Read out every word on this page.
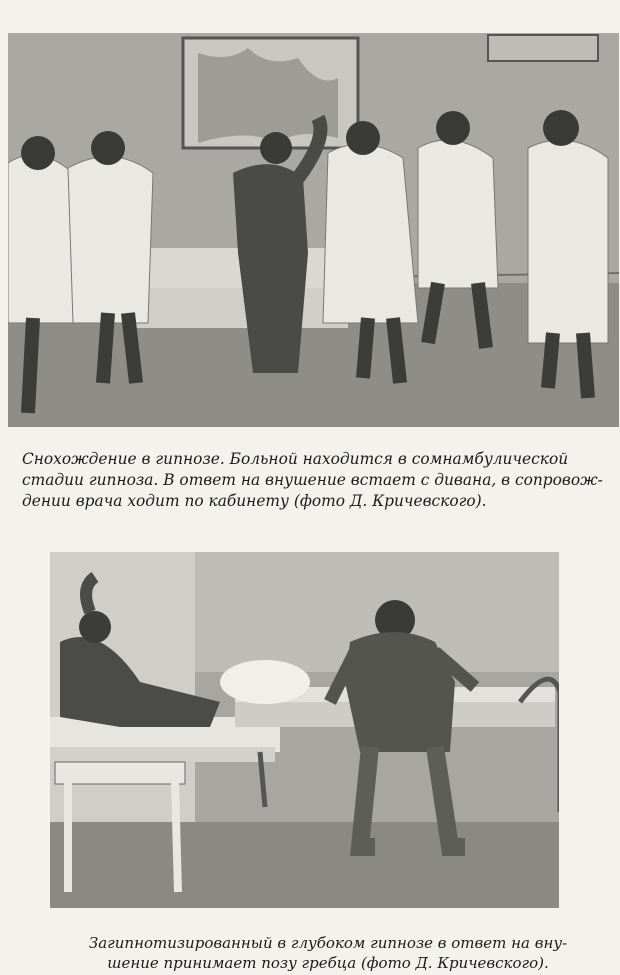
Снохождение в гипнозе. Больной находится в сомнамбулической
стадии гипноза. В ответ на внушение встает с дивана, в сопровож-
дении врача ходит по кабинету (фото Д. Кричевского).
Загипнотизированный в глубоком гипнозе в ответ на вну-
шение принимает позу гребца (фото Д. Кричевского).
